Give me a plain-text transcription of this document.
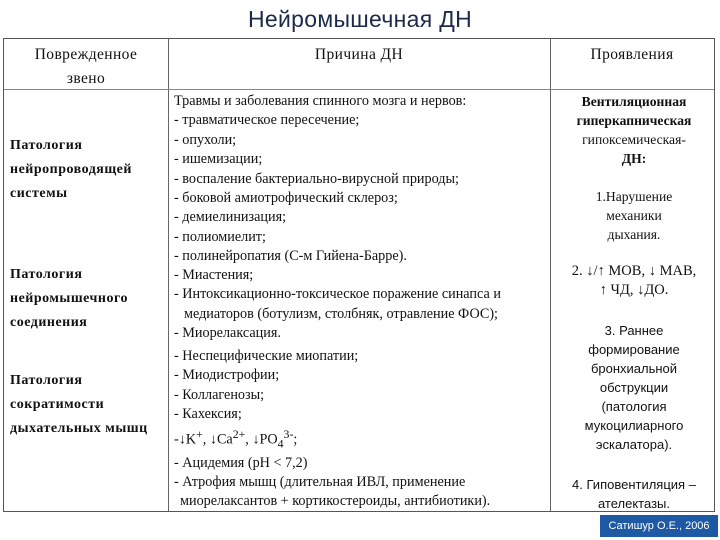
Нейромышечная ДН
Поврежденное
звено
Причина ДН	Проявления
Патология
нейропроводящей
системы
Патология
нейромышечного
соединения
Патология
сократимости
дыхательных мышц
Травмы и заболевания спинного мозга и нервов:
- травматическое пересечение;
- опухоли;
- ишемизации;
- воспаление бактериально-вирусной природы;
- боковой амиотрофический склероз;
- демиелинизация;
- полиомиелит;
- полинейропатия (С-м Гийена-Барре).
- Миастения;
- Интоксикационно-токсическое поражение синапса и
медиаторов (ботулизм, столбняк, отравление ФОС);
- Миорелаксация.
- Неспецифические миопатии;
- Миодистрофии;
- Коллагенозы;
- Кахексия;
-↓K+, $↓Ca^{2+}$, $↓PO_4^{3-}$;
- Ацидемия (pH < 7,2)
- Атрофия мышц (длительная ИВЛ, применение
миорелаксантов + кортикостероиды, антибиотики).
Вентиляционная
гиперкапническая
гипоксемическая-
ДН:
1.Нарушение
механики
дыхания.
2. ↓/↑ МОВ, ↓ МАВ,
↑ ЧД, ↓ДО.
3. Раннее
формирование
бронхиальной
обструкции
(патология
мукоцилиарного
эскалатора).
4. Гиповентиляция –
ателектазы.
Сатишур О.Е., 2006
